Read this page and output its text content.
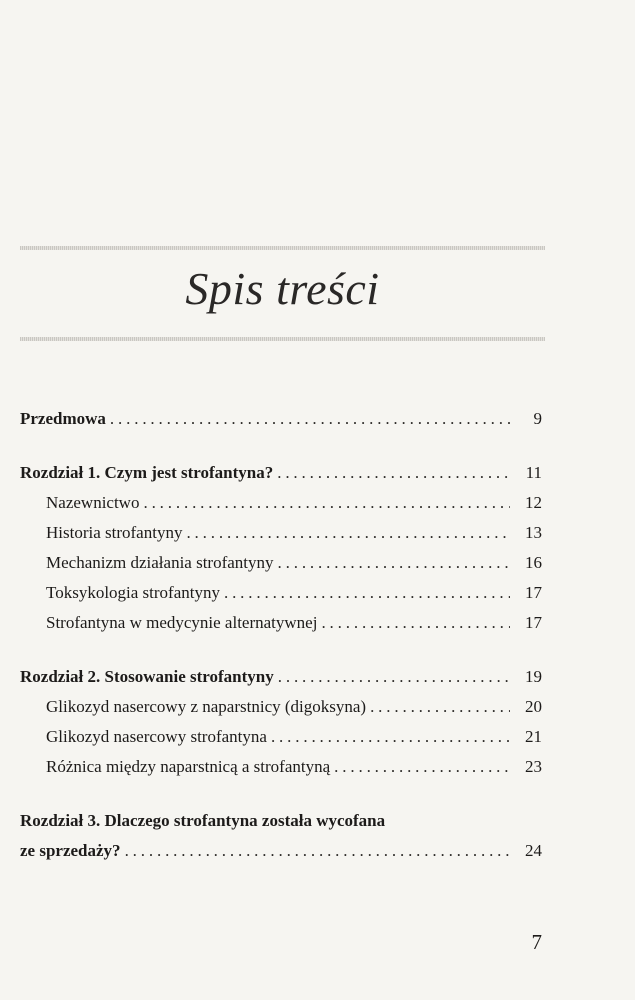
Spis treści
Przedmowa . . .	9
Rozdział 1. Czym jest strofantyna? . . .	11
Nazewnictwo . . .	12
Historia strofantyny . . .	13
Mechanizm działania strofantyny . . .	16
Toksykologia strofantyny . . .	17
Strofantyna w medycynie alternatywnej . . .	17
Rozdział 2. Stosowanie strofantyny . . .	19
Glikozyd nasercowy z naparstnicy (digoksyna) . . .	20
Glikozyd nasercowy strofantyna . . .	21
Różnica między naparstnicą a strofantyną . . .	23
Rozdział 3. Dlaczego strofantyna została wycofana
ze sprzedaży? . . .	24
7
